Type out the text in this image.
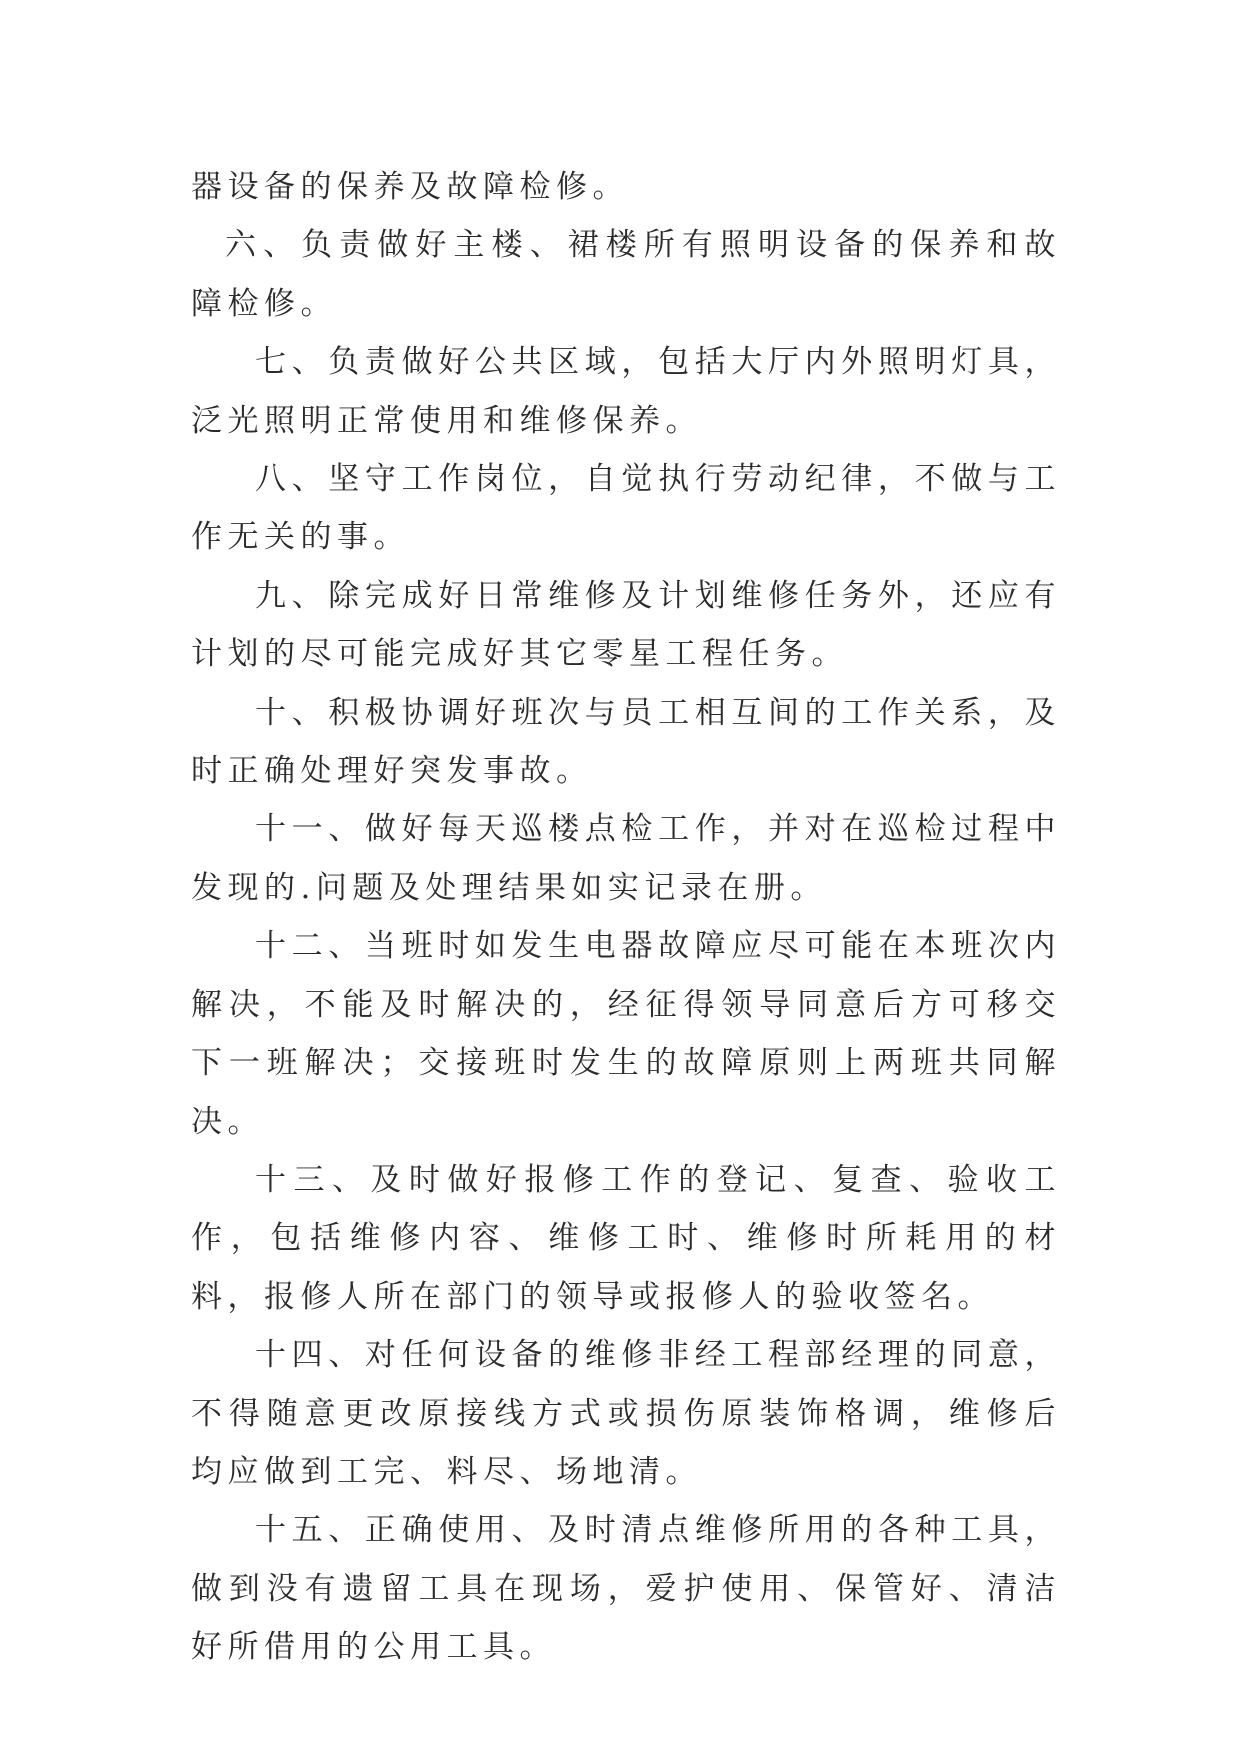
器设备的保养及故障检修。

六、负责做好主楼、裙楼所有照明设备的保养和故障检修。

七、负责做好公共区域，包括大厅内外照明灯具，泛光照明正常使用和维修保养。

八、坚守工作岗位，自觉执行劳动纪律，不做与工作无关的事。

九、除完成好日常维修及计划维修任务外，还应有计划的尽可能完成好其它零星工程任务。

十、积极协调好班次与员工相互间的工作关系，及时正确处理好突发事故。

十一、做好每天巡楼点检工作，并对在巡检过程中发现的.问题及处理结果如实记录在册。

十二、当班时如发生电器故障应尽可能在本班次内解决，不能及时解决的，经征得领导同意后方可移交下一班解决；交接班时发生的故障原则上两班共同解决。

十三、及时做好报修工作的登记、复查、验收工作，包括维修内容、维修工时、维修时所耗用的材料，报修人所在部门的领导或报修人的验收签名。

十四、对任何设备的维修非经工程部经理的同意，不得随意更改原接线方式或损伤原装饰格调，维修后均应做到工完、料尽、场地清。

十五、正确使用、及时清点维修所用的各种工具，做到没有遗留工具在现场，爱护使用、保管好、清洁好所借用的公用工具。
